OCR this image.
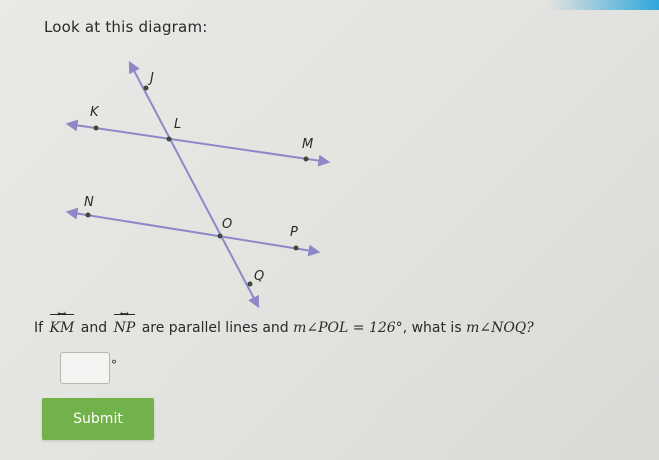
Look at this diagram:
J
K
L
M
N
O
P
Q
If KM ↔ and NP ↔ are parallel lines and m∠POL = 126°, what is m∠NOQ?
°
Submit
